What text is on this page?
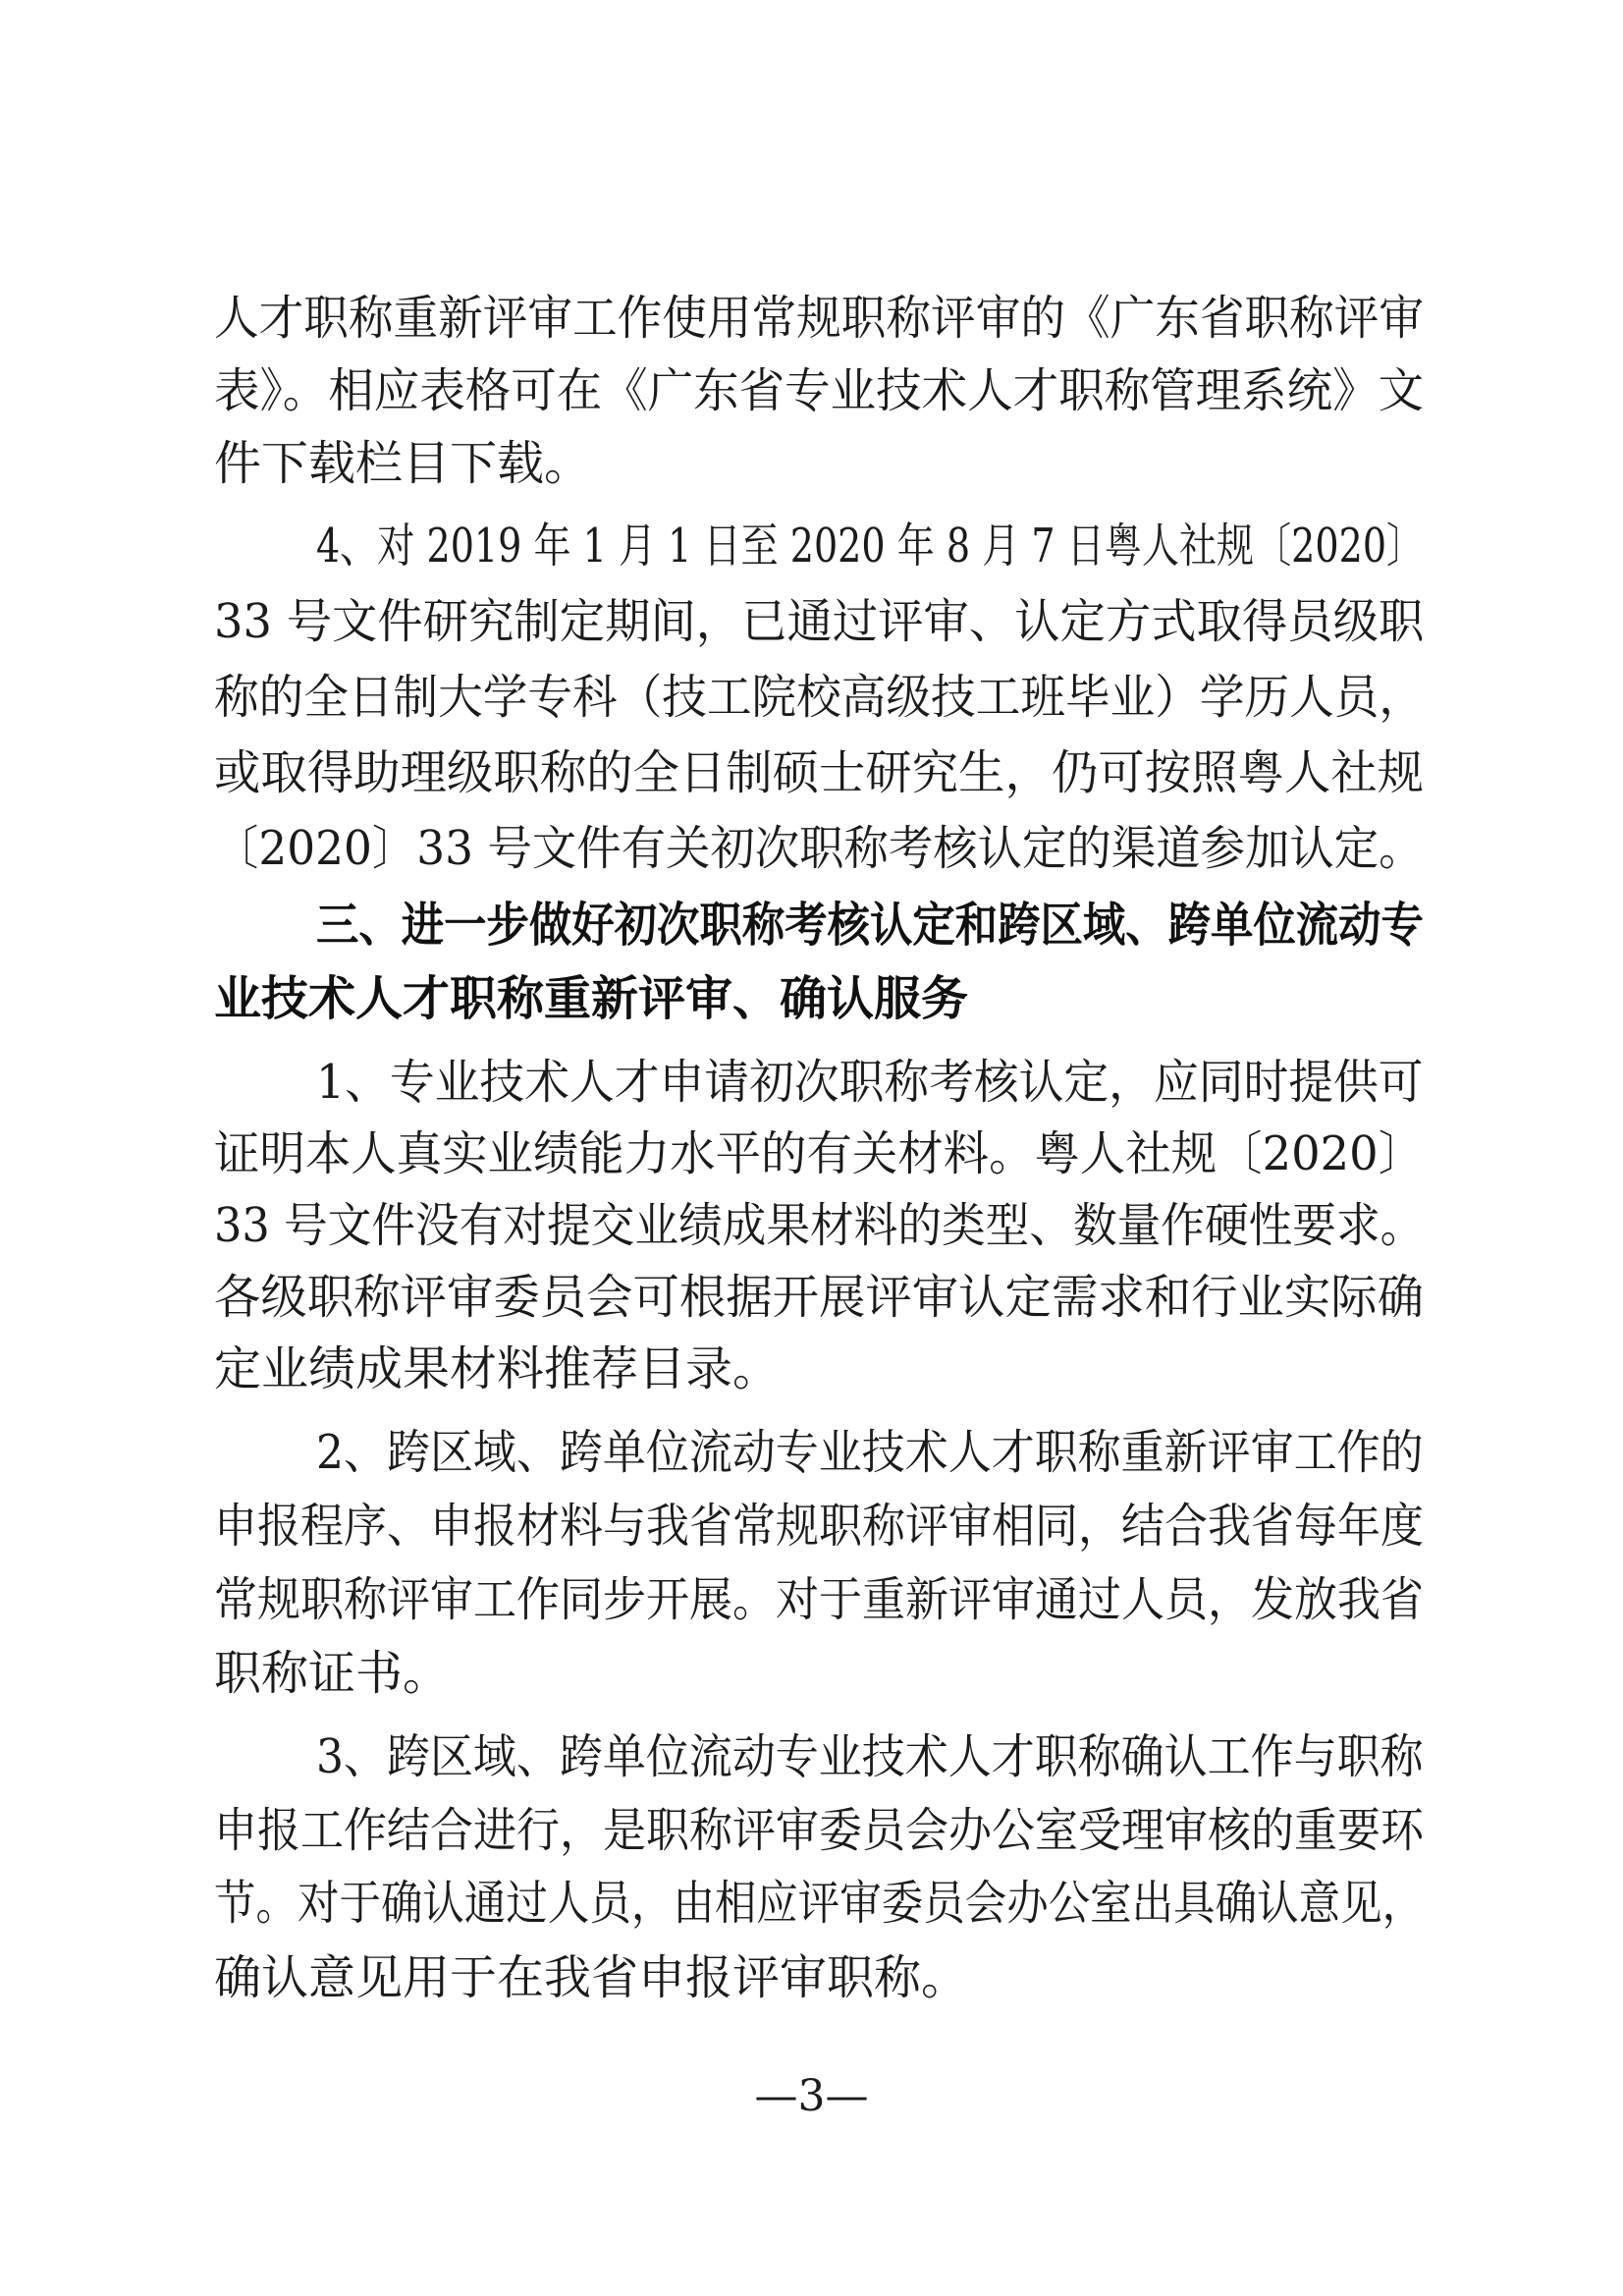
人才职称重新评审工作使用常规职称评审的《广东省职称评审
表》。相应表格可在《广东省专业技术人才职称管理系统》文
件下载栏目下载。
4、对 2019 年 1 月 1 日至 2020 年 8 月 7 日粤人社规〔2020〕
33 号文件研究制定期间，已通过评审、认定方式取得员级职
称的全日制大学专科（技工院校高级技工班毕业）学历人员，
或取得助理级职称的全日制硕士研究生，仍可按照粤人社规
〔2020〕33 号文件有关初次职称考核认定的渠道参加认定。
三、进一步做好初次职称考核认定和跨区域、跨单位流动专
业技术人才职称重新评审、确认服务
1、专业技术人才申请初次职称考核认定，应同时提供可
证明本人真实业绩能力水平的有关材料。粤人社规〔2020〕
33 号文件没有对提交业绩成果材料的类型、数量作硬性要求。
各级职称评审委员会可根据开展评审认定需求和行业实际确
定业绩成果材料推荐目录。
2、跨区域、跨单位流动专业技术人才职称重新评审工作的
申报程序、申报材料与我省常规职称评审相同，结合我省每年度
常规职称评审工作同步开展。对于重新评审通过人员，发放我省
职称证书。
3、跨区域、跨单位流动专业技术人才职称确认工作与职称
申报工作结合进行，是职称评审委员会办公室受理审核的重要环
节。对于确认通过人员，由相应评审委员会办公室出具确认意见，
确认意见用于在我省申报评审职称。
—3—
